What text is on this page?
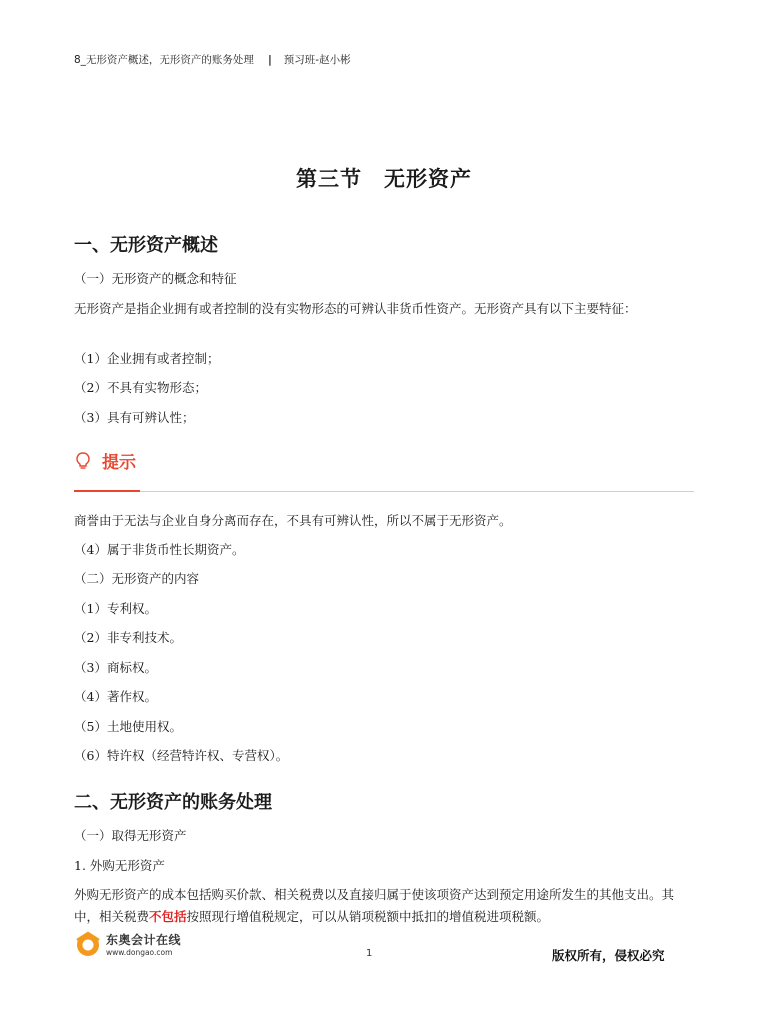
8_无形资产概述，无形资产的账务处理 | 预习班-赵小彬
第三节　无形资产
一、无形资产概述
（一）无形资产的概念和特征
无形资产是指企业拥有或者控制的没有实物形态的可辨认非货币性资产。无形资产具有以下主要特征：
（1）企业拥有或者控制；
（2）不具有实物形态；
（3）具有可辨认性；
提示
商誉由于无法与企业自身分离而存在，不具有可辨认性，所以不属于无形资产。
（4）属于非货币性长期资产。
（二）无形资产的内容
（1）专利权。
（2）非专利技术。
（3）商标权。
（4）著作权。
（5）土地使用权。
（6）特许权（经营特许权、专营权）。
二、无形资产的账务处理
（一）取得无形资产
1. 外购无形资产
外购无形资产的成本包括购买价款、相关税费以及直接归属于使该项资产达到预定用途所发生的其他支出。其中，相关税费不包括按照现行增值税规定，可以从销项税额中抵扣的增值税进项税额。
东奥会计在线
www.dongao.com	1	版权所有，侵权必究
